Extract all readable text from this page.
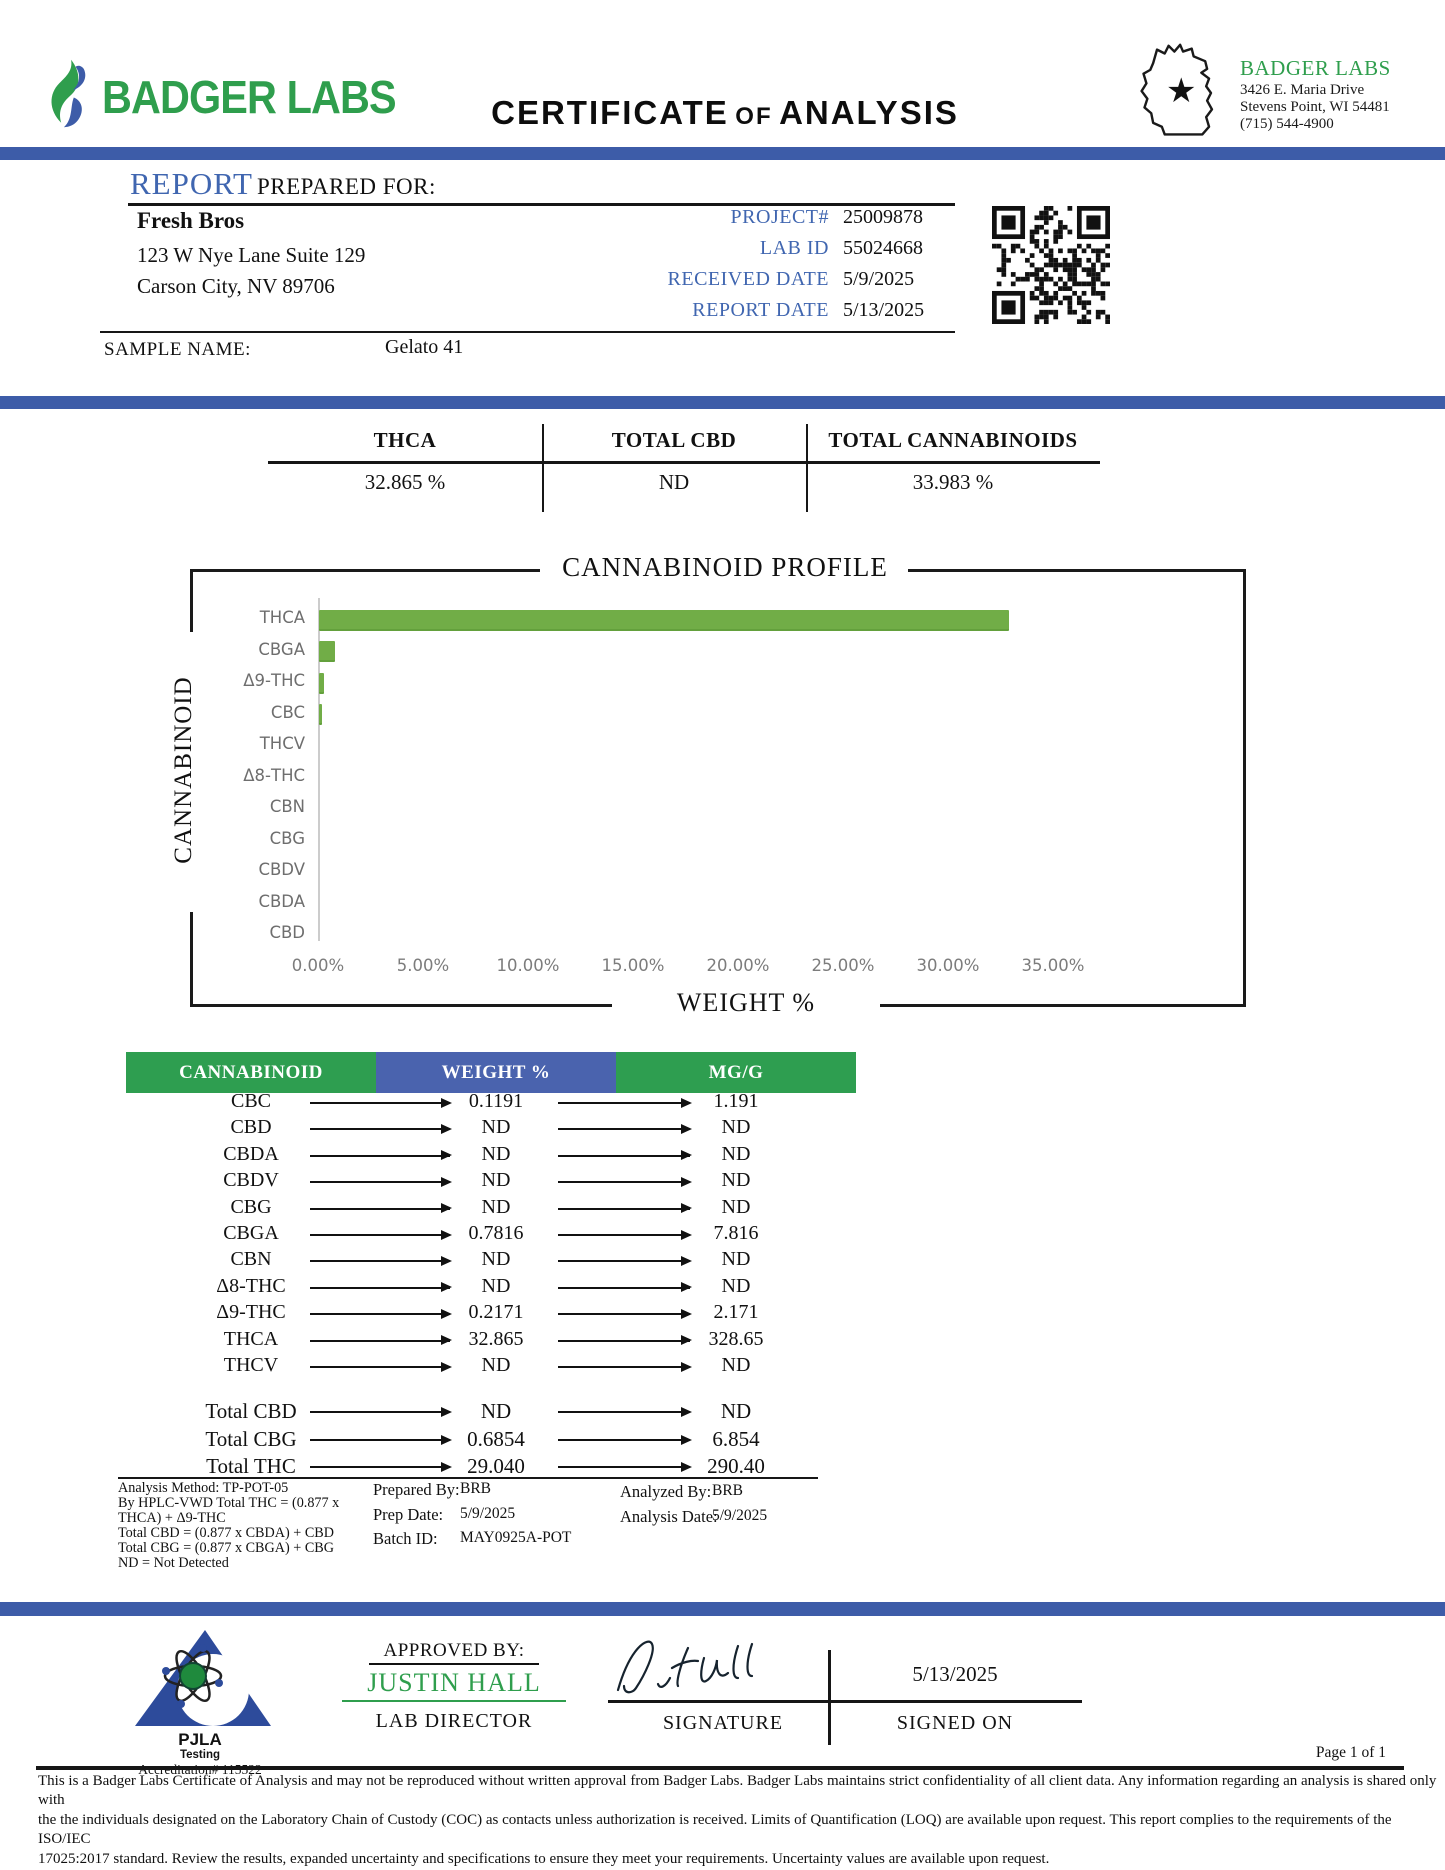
BADGER LABS	CERTIFICATE OF ANALYSIS
★
BADGER LABS
3426 E. Maria Drive
Stevens Point, WI 54481
(715) 544-4900
REPORT PREPARED FOR:
Fresh Bros
123 W Nye Lane Suite 129
Carson City, NV 89706
SAMPLE NAME:	Gelato 41
CANNABINOID PROFILE
CANNABINOID
WEIGHT %
PJLA
Testing
APPROVED BY:
JUSTIN HALL
LAB DIRECTOR
5/13/2025
SIGNATURE	SIGNED ON
Page 1 of 1
This is a Badger Labs Certificate of Analysis and may not be reproduced without written approval from Badger Labs. Badger Labs maintains strict confidentiality of all client data. Any information regarding an analysis is shared only with
the the individuals designated on the Laboratory Chain of Custody (COC) as contacts unless authorization is received. Limits of Quantification (LOQ) are available upon request. This report complies to the requirements of the ISO/IEC
17025:2017 standard. Review the results, expanded uncertainty and specifications to ensure they meet your requirements. Uncertainty values are available upon request.
PROJECT# 25009878
LAB ID 55024668
RECEIVED DATE 5/9/2025
REPORT DATE 5/13/2025
THCA
32.865 %
TOTAL CBD
ND
TOTAL CANNABINOIDS
33.983 %
THCA
CBGA
Δ9-THC
CBC
THCV
Δ8-THC
CBN
CBG
CBDV
CBDA
CBD
0.00%	5.00%	10.00%	15.00%	20.00%	25.00%	30.00%	35.00%
CANNABINOID	WEIGHT %	MG/G
CBC	0.1191	1.191
CBD	ND	ND
CBDA	ND	ND
CBDV	ND	ND
CBG	ND	ND
CBGA	0.7816	7.816
CBN	ND	ND
Δ8-THC	ND	ND
Δ9-THC	0.2171	2.171
THCA	32.865	328.65
THCV	ND	ND
Total CBD	ND	ND
Total CBG	0.6854	6.854
Total THC	29.040	290.40
Analysis Method: TP-POT-05
By HPLC-VWD Total THC = (0.877 x
THCA) + Δ9-THC
Total CBD = (0.877 x CBDA) + CBD
Total CBG = (0.877 x CBGA) + CBG
ND = Not Detected
Prepared By: BRB
Prep Date: 5/9/2025
Batch ID: MAY0925A-POT
Analyzed By: BRB
Analysis Date:
5/9/2025
